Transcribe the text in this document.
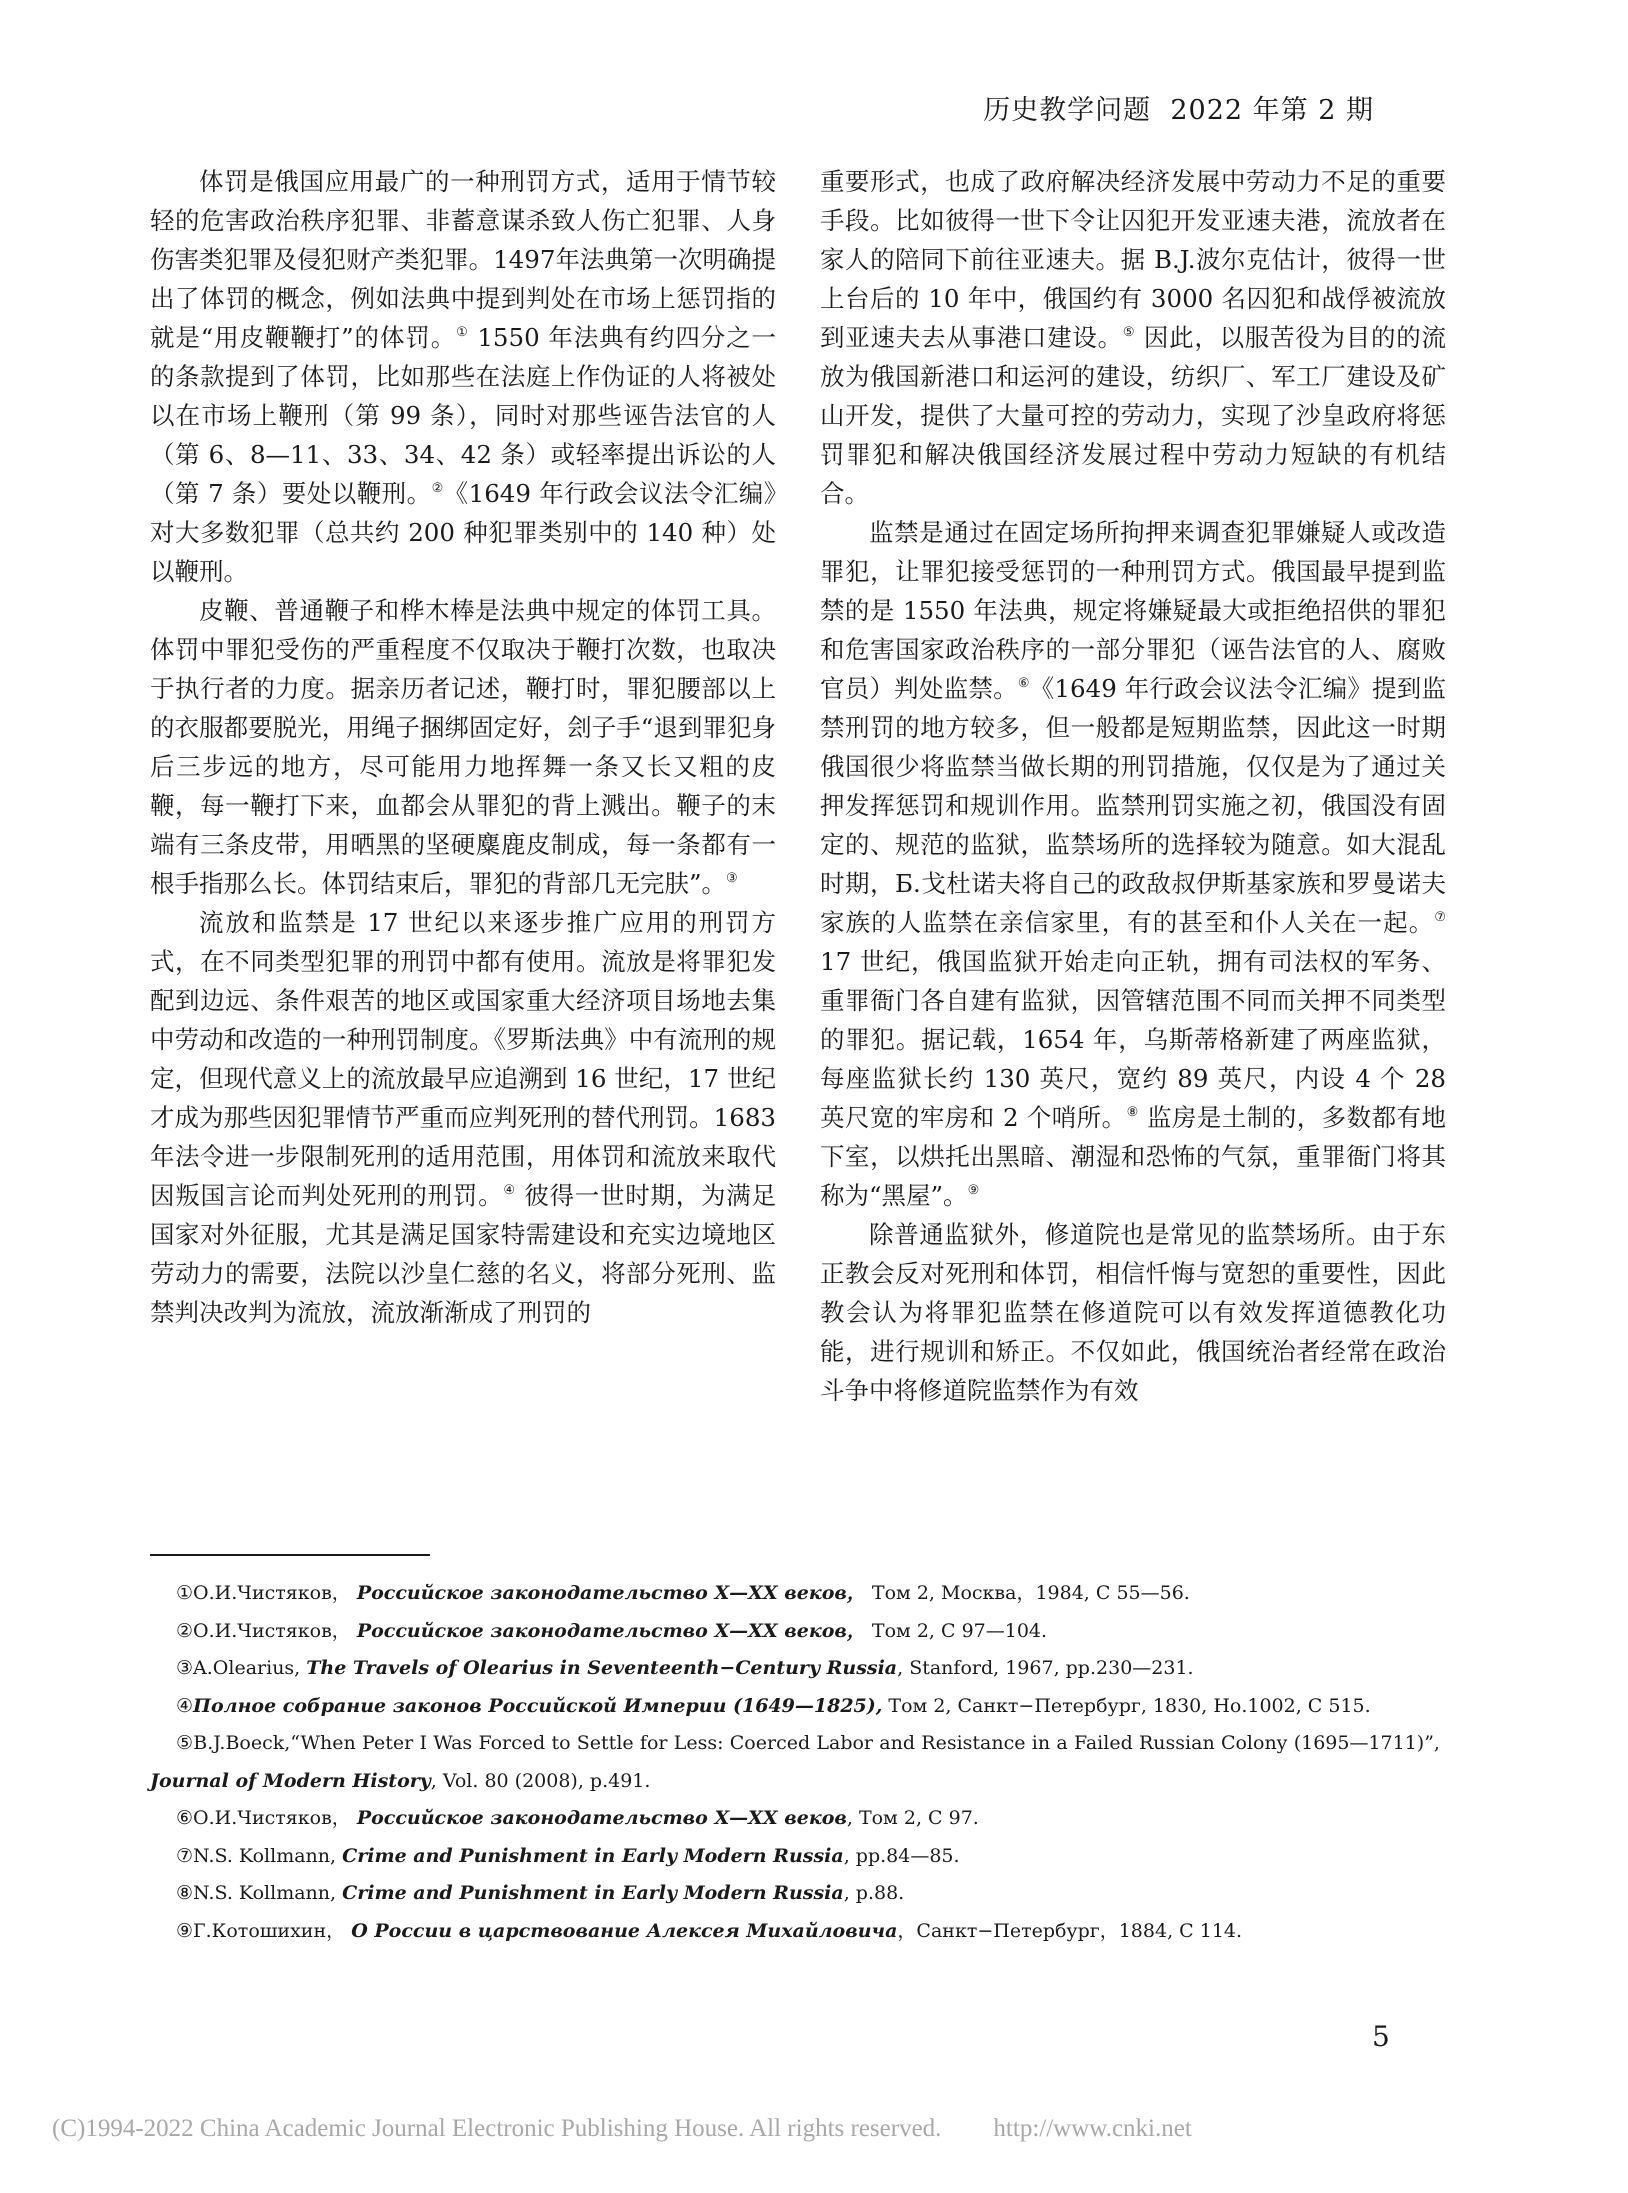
历史教学问题 2022 年第 2 期

体罚是俄国应用最广的一种刑罚方式，适用于情节较轻的危害政治秩序犯罪、非蓄意谋杀致人伤亡犯罪、人身伤害类犯罪及侵犯财产类犯罪。1497年法典第一次明确提出了体罚的概念，例如法典中提到判处在市场上惩罚指的就是“用皮鞭鞭打”的体罚。① 1550 年法典有约四分之一的条款提到了体罚，比如那些在法庭上作伪证的人将被处以在市场上鞭刑（第 99 条），同时对那些诬告法官的人（第 6、8—11、33、34、42 条）或轻率提出诉讼的人（第 7 条）要处以鞭刑。②《1649 年行政会议法令汇编》对大多数犯罪（总共约 200 种犯罪类别中的 140 种）处以鞭刑。

皮鞭、普通鞭子和桦木棒是法典中规定的体罚工具。体罚中罪犯受伤的严重程度不仅取决于鞭打次数，也取决于执行者的力度。据亲历者记述，鞭打时，罪犯腰部以上的衣服都要脱光，用绳子捆绑固定好，刽子手“退到罪犯身后三步远的地方，尽可能用力地挥舞一条又长又粗的皮鞭，每一鞭打下来，血都会从罪犯的背上溅出。鞭子的末端有三条皮带，用晒黑的坚硬麋鹿皮制成，每一条都有一根手指那么长。体罚结束后，罪犯的背部几无完肤”。③

流放和监禁是 17 世纪以来逐步推广应用的刑罚方式，在不同类型犯罪的刑罚中都有使用。流放是将罪犯发配到边远、条件艰苦的地区或国家重大经济项目场地去集中劳动和改造的一种刑罚制度。《罗斯法典》中有流刑的规定，但现代意义上的流放最早应追溯到 16 世纪，17 世纪才成为那些因犯罪情节严重而应判死刑的替代刑罚。1683 年法令进一步限制死刑的适用范围，用体罚和流放来取代因叛国言论而判处死刑的刑罚。④ 彼得一世时期，为满足国家对外征服，尤其是满足国家特需建设和充实边境地区劳动力的需要，法院以沙皇仁慈的名义，将部分死刑、监禁判决改判为流放，流放渐渐成了刑罚的

重要形式，也成了政府解决经济发展中劳动力不足的重要手段。比如彼得一世下令让囚犯开发亚速夫港，流放者在家人的陪同下前往亚速夫。据 B.J.波尔克估计，彼得一世上台后的 10 年中，俄国约有 3000 名囚犯和战俘被流放到亚速夫去从事港口建设。⑤ 因此，以服苦役为目的的流放为俄国新港口和运河的建设，纺织厂、军工厂建设及矿山开发，提供了大量可控的劳动力，实现了沙皇政府将惩罚罪犯和解决俄国经济发展过程中劳动力短缺的有机结合。

监禁是通过在固定场所拘押来调查犯罪嫌疑人或改造罪犯，让罪犯接受惩罚的一种刑罚方式。俄国最早提到监禁的是 1550 年法典，规定将嫌疑最大或拒绝招供的罪犯和危害国家政治秩序的一部分罪犯（诬告法官的人、腐败官员）判处监禁。⑥《1649 年行政会议法令汇编》提到监禁刑罚的地方较多，但一般都是短期监禁，因此这一时期俄国很少将监禁当做长期的刑罚措施，仅仅是为了通过关押发挥惩罚和规训作用。监禁刑罚实施之初，俄国没有固定的、规范的监狱，监禁场所的选择较为随意。如大混乱时期，Б.戈杜诺夫将自己的政敌叔伊斯基家族和罗曼诺夫家族的人监禁在亲信家里，有的甚至和仆人关在一起。⑦ 17 世纪，俄国监狱开始走向正轨，拥有司法权的军务、重罪衙门各自建有监狱，因管辖范围不同而关押不同类型的罪犯。据记载，1654 年，乌斯蒂格新建了两座监狱，每座监狱长约 130 英尺，宽约 89 英尺，内设 4 个 28 英尺宽的牢房和 2 个哨所。⑧ 监房是土制的，多数都有地下室，以烘托出黑暗、潮湿和恐怖的气氛，重罪衙门将其称为“黑屋”。⑨

除普通监狱外，修道院也是常见的监禁场所。由于东正教会反对死刑和体罚，相信忏悔与宽恕的重要性，因此教会认为将罪犯监禁在修道院可以有效发挥道德教化功能，进行规训和矫正。不仅如此，俄国统治者经常在政治斗争中将修道院监禁作为有效

①О.И.Чистяков， Российское законодательство X—XX веков， Том 2, Москва，1984, С 55—56.

②О.И.Чистяков， Российское законодательство X—XX веков， Том 2, С 97—104.

③A.Olearius, The Travels of Olearius in Seventeenth−Century Russia, Stanford, 1967, pp.230—231.

④Полное собрание законов Российской Империи (1649—1825), Том 2, Санкт−Петербург, 1830, Но.1002, С 515.

⑤B.J.Boeck,“When Peter I Was Forced to Settle for Less: Coerced Labor and Resistance in a Failed Russian Colony (1695—1711)”, Journal of Modern History, Vol. 80 (2008), p.491.

⑥О.И.Чистяков， Российское законодательство X—XX веков, Том 2, С 97.

⑦N.S. Kollmann, Crime and Punishment in Early Modern Russia, pp.84—85.

⑧N.S. Kollmann, Crime and Punishment in Early Modern Russia, p.88.

⑨Г.Котошихин， О России в царствование Алексея Михайловича，Санкт−Петербург，1884, С 114.

5
(C)1994-2022 China Academic Journal Electronic Publishing House. All rights reserved. http://www.cnki.net
